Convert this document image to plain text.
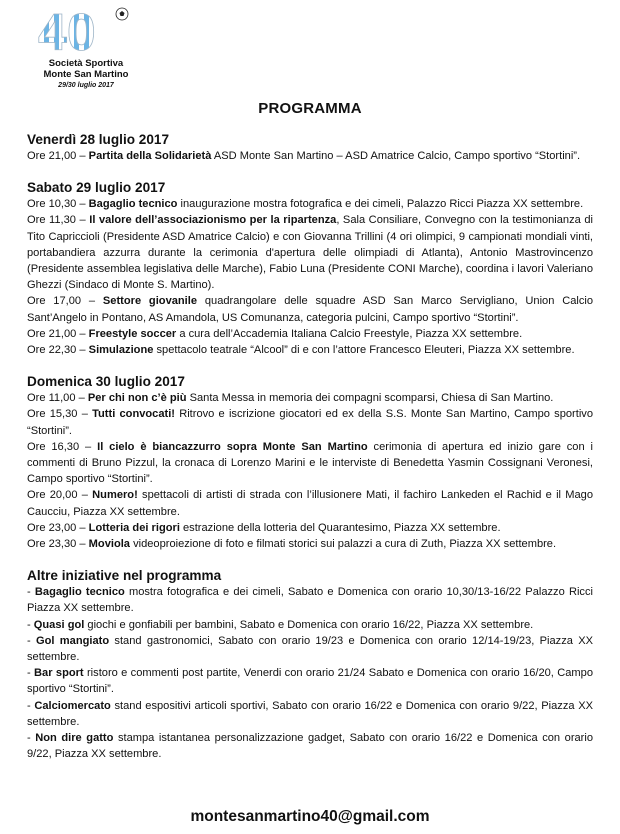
40
Società Sportiva
Monte San Martino
29/30 luglio 2017
PROGRAMMA

Venerdì 28 luglio 2017

Ore 21,00 – Partita della Solidarietà ASD Monte San Martino – ASD Amatrice Calcio, Campo sportivo “Stortini”.

Sabato 29 luglio 2017

Ore 10,30 – Bagaglio tecnico inaugurazione mostra fotografica e dei cimeli, Palazzo Ricci Piazza XX settembre.

Ore 11,30 – Il valore dell’associazionismo per la ripartenza, Sala Consiliare, Convegno con la testimonianza di Tito Capriccioli (Presidente ASD Amatrice Calcio) e con Giovanna Trillini (4 ori olimpici, 9 campionati mondiali vinti, portabandiera azzurra durante la cerimonia d'apertura delle olimpiadi di Atlanta), Antonio Mastrovincenzo (Presidente assemblea legislativa delle Marche), Fabio Luna (Presidente CONI Marche), coordina i lavori Valeriano Ghezzi (Sindaco di Monte S. Martino).

Ore 17,00 – Settore giovanile quadrangolare delle squadre ASD San Marco Servigliano, Union Calcio Sant’Angelo in Pontano, AS Amandola, US Comunanza, categoria pulcini, Campo sportivo “Stortini”.

Ore 21,00 – Freestyle soccer a cura dell’Accademia Italiana Calcio Freestyle, Piazza XX settembre.

Ore 22,30 – Simulazione spettacolo teatrale “Alcool” di e con l’attore Francesco Eleuteri, Piazza XX settembre.

Domenica 30 luglio 2017

Ore 11,00 – Per chi non c’è più Santa Messa in memoria dei compagni scomparsi, Chiesa di San Martino.

Ore 15,30 – Tutti convocati! Ritrovo e iscrizione giocatori ed ex della S.S. Monte San Martino, Campo sportivo “Stortini”.

Ore 16,30 – Il cielo è biancazzurro sopra Monte San Martino cerimonia di apertura ed inizio gare con i commenti di Bruno Pizzul, la cronaca di Lorenzo Marini e le interviste di Benedetta Yasmin Cossignani Veronesi, Campo sportivo “Stortini”.

Ore 20,00 – Numero! spettacoli di artisti di strada con l’illusionere Mati, il fachiro Lankeden el Rachid e il Mago Caucciu, Piazza XX settembre.

Ore 23,00 – Lotteria dei rigori estrazione della lotteria del Quarantesimo, Piazza XX settembre.

Ore 23,30 – Moviola videoproiezione di foto e filmati storici sui palazzi a cura di Zuth, Piazza XX settembre.

Altre iniziative nel programma

- Bagaglio tecnico mostra fotografica e dei cimeli, Sabato e Domenica con orario 10,30/13-16/22 Palazzo Ricci Piazza XX settembre.

- Quasi gol giochi e gonfiabili per bambini, Sabato e Domenica con orario 16/22, Piazza XX settembre.

- Gol mangiato stand gastronomici, Sabato con orario 19/23 e Domenica con orario 12/14-19/23, Piazza XX settembre.

- Bar sport ristoro e commenti post partite, Venerdi con orario 21/24 Sabato e Domenica con orario 16/20, Campo sportivo “Stortini”.

- Calciomercato stand espositivi articoli sportivi, Sabato con orario 16/22 e Domenica con orario 9/22, Piazza XX settembre.

- Non dire gatto stampa istantanea personalizzazione gadget, Sabato con orario 16/22 e Domenica con orario 9/22, Piazza XX settembre.

montesanmartino40@gmail.com
